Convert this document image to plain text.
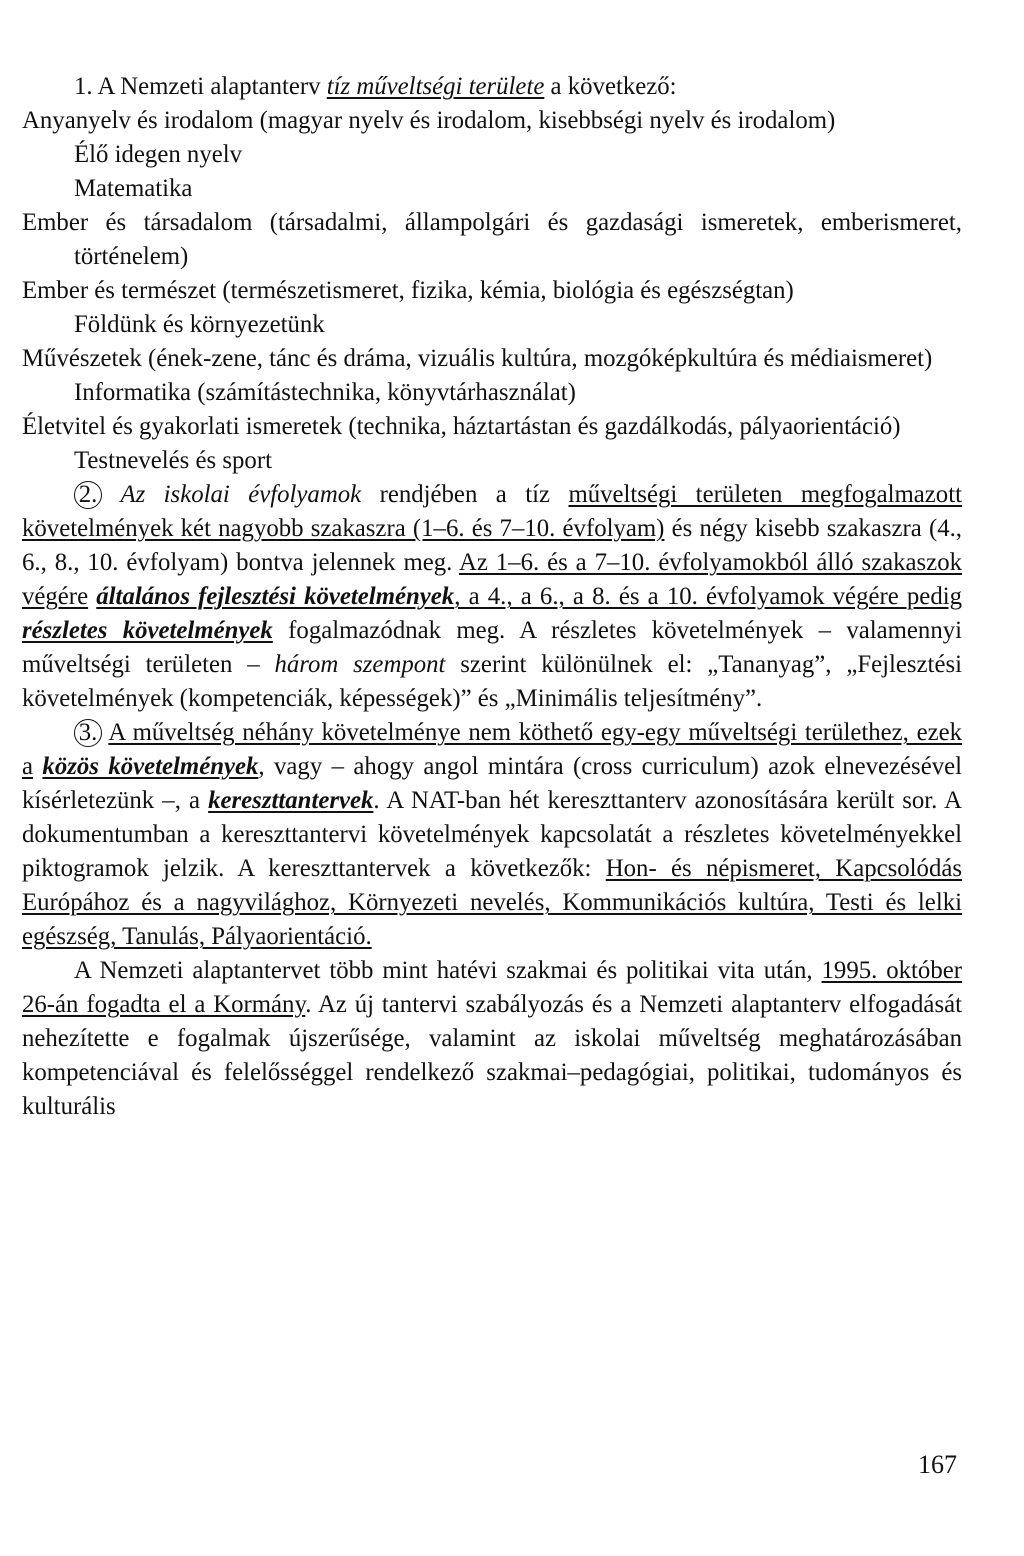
1. A Nemzeti alaptanterv tíz műveltségi területe a következő:

Anyanyelv és irodalom (magyar nyelv és irodalom, kisebbségi nyelv és irodalom)

Élő idegen nyelv

Matematika

Ember és társadalom (társadalmi, állampolgári és gazdasági ismeretek, emberismeret, történelem)

Ember és természet (természetismeret, fizika, kémia, biológia és egészségtan)

Földünk és környezetünk

Művészetek (ének-zene, tánc és dráma, vizuális kultúra, mozgóképkultúra és médiaismeret)

Informatika (számítástechnika, könyvtárhasználat)

Életvitel és gyakorlati ismeretek (technika, háztartástan és gazdálkodás, pályaorientáció)

Testnevelés és sport

2. Az iskolai évfolyamok rendjében a tíz műveltségi területen megfogalmazott követelmények két nagyobb szakaszra (1–6. és 7–10. évfolyam) és négy kisebb szakaszra (4., 6., 8., 10. évfolyam) bontva jelennek meg. Az 1–6. és a 7–10. évfolyamokból álló szakaszok végére általános fejlesztési követelmények, a 4., a 6., a 8. és a 10. évfolyamok végére pedig részletes követelmények fogalmazódnak meg. A részletes követelmények – valamennyi műveltségi területen – három szempont szerint különülnek el: „Tananyag”, „Fejlesztési követelmények (kompetenciák, képességek)” és „Minimális teljesítmény”.

3. A műveltség néhány követelménye nem köthető egy-egy műveltségi területhez, ezek a közös követelmények, vagy – ahogy angol mintára (cross curriculum) azok elnevezésével kísérletezünk –, a kereszttantervek. A NAT-ban hét kereszttanterv azonosítására került sor. A dokumentumban a kereszttantervi követelmények kapcsolatát a részletes követelményekkel piktogramok jelzik. A kereszttantervek a következők: Hon- és népismeret, Kapcsolódás Európához és a nagyvilághoz, Környezeti nevelés, Kommunikációs kultúra, Testi és lelki egészség, Tanulás, Pályaorientáció.

A Nemzeti alaptantervet több mint hatévi szakmai és politikai vita után, 1995. október 26-án fogadta el a Kormány. Az új tantervi szabályozás és a Nemzeti alaptanterv elfogadását nehezítette e fogalmak újszerűsége, valamint az iskolai műveltség meghatározásában kompetenciával és felelősséggel rendelkező szakmai–pedagógiai, politikai, tudományos és kulturális

167
